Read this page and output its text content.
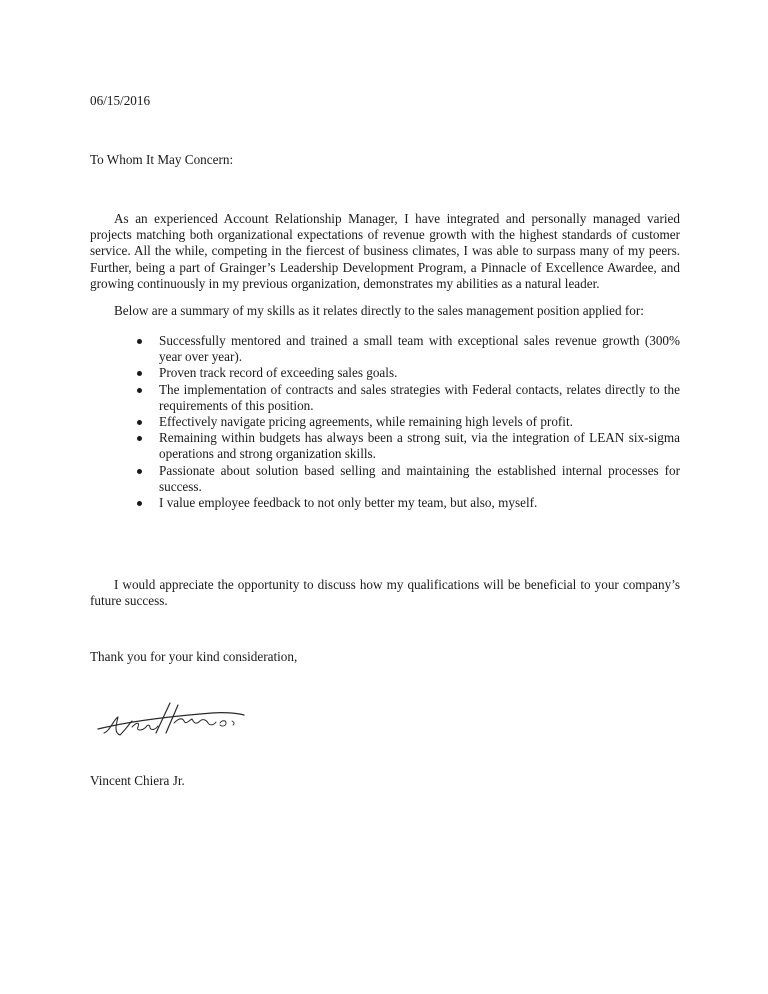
06/15/2016
To Whom It May Concern:

As an experienced Account Relationship Manager, I have integrated and personally managed varied projects matching both organizational expectations of revenue growth with the highest standards of customer service. All the while, competing in the fiercest of business climates, I was able to surpass many of my peers. Further, being a part of Grainger’s Leadership Development Program, a Pinnacle of Excellence Awardee, and growing continuously in my previous organization, demonstrates my abilities as a natural leader.

Below are a summary of my skills as it relates directly to the sales management position applied for:

Successfully mentored and trained a small team with exceptional sales revenue growth (300% year over year).
Proven track record of exceeding sales goals.
The implementation of contracts and sales strategies with Federal contacts, relates directly to the requirements of this position.
Effectively navigate pricing agreements, while remaining high levels of profit.
Remaining within budgets has always been a strong suit, via the integration of LEAN six-sigma operations and strong organization skills.
Passionate about solution based selling and maintaining the established internal processes for success.
I value employee feedback to not only better my team, but also, myself.

I would appreciate the opportunity to discuss how my qualifications will be beneficial to your company’s future success.

Thank you for your kind consideration,
Vincent Chiera Jr.
